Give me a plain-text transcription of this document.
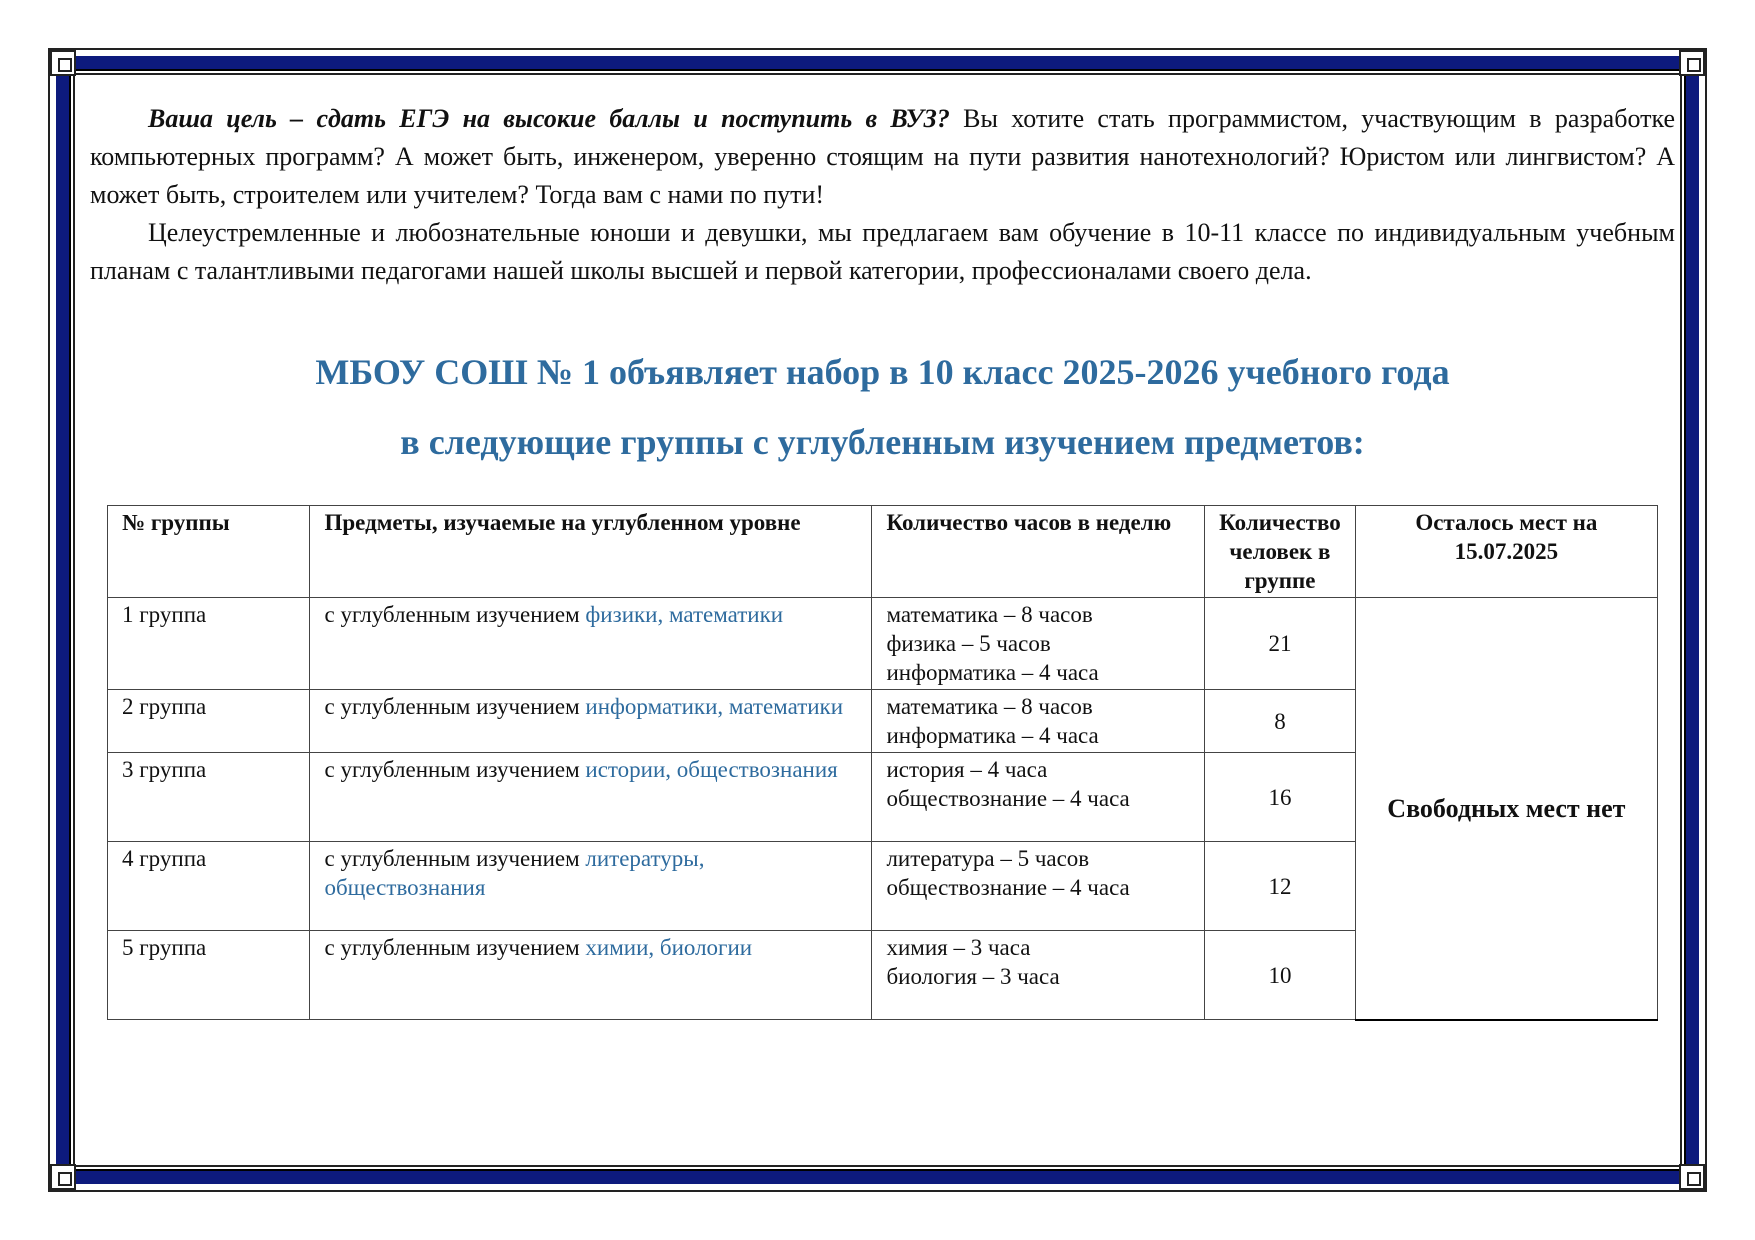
Ваша цель – сдать ЕГЭ на высокие баллы и поступить в ВУЗ? Вы хотите стать программистом, участвующим в разработке компьютерных программ? А может быть, инженером, уверенно стоящим на пути развития нанотехнологий? Юристом или лингвистом? А может быть, строителем или учителем? Тогда вам с нами по пути!

Целеустремленные и любознательные юноши и девушки, мы предлагаем вам обучение в 10-11 классе по индивидуальным учебным планам с талантливыми педагогами нашей школы высшей и первой категории, профессионалами своего дела.

МБОУ СОШ № 1 объявляет набор в 10 класс 2025-2026 учебного года
в следующие группы с углубленным изучением предметов:
№ группы	Предметы, изучаемые на углубленном уровне	Количество часов в неделю	Количество человек в группе	Осталось мест на 15.07.2025
1 группа	с углубленным изучением физики, математики	математика – 8 часов
физика – 5 часов
информатика – 4 часа	21	Свободных мест нет
2 группа	с углубленным изучением информатики, математики	математика – 8 часов
информатика – 4 часа	8	
3 группа	с углубленным изучением истории, обществознания	история – 4 часа
обществознание – 4 часа	16	
4 группа	с углубленным изучением литературы, обществознания	литература – 5 часов
обществознание – 4 часа	12	
5 группа	с углубленным изучением химии, биологии	химия – 3 часа
биология – 3 часа	10	
